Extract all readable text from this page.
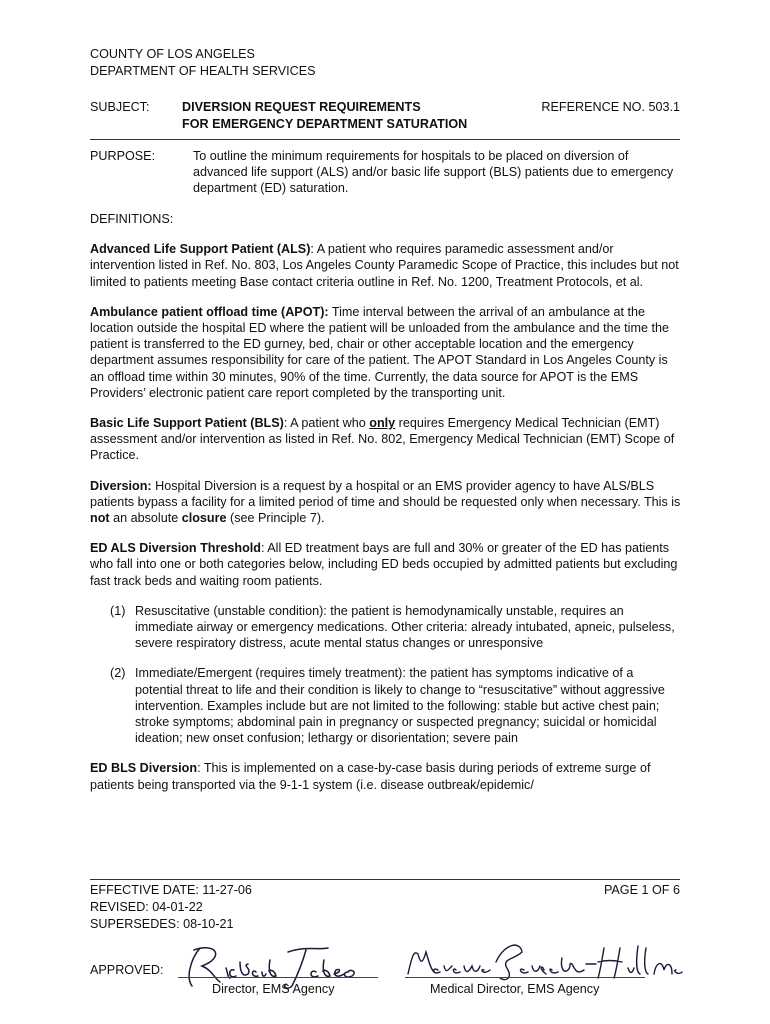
COUNTY OF LOS ANGELES
DEPARTMENT OF HEALTH SERVICES
SUBJECT:	DIVERSION REQUEST REQUIREMENTS
FOR EMERGENCY DEPARTMENT SATURATION
REFERENCE NO. 503.1
PURPOSE:	To outline the minimum requirements for hospitals to be placed on diversion of advanced life support (ALS) and/or basic life support (BLS) patients due to emergency department (ED) saturation.

DEFINITIONS:

Advanced Life Support Patient (ALS): A patient who requires paramedic assessment and/or intervention listed in Ref. No. 803, Los Angeles County Paramedic Scope of Practice, this includes but not limited to patients meeting Base contact criteria outline in Ref. No. 1200, Treatment Protocols, et al.

Ambulance patient offload time (APOT): Time interval between the arrival of an ambulance at the location outside the hospital ED where the patient will be unloaded from the ambulance and the time the patient is transferred to the ED gurney, bed, chair or other acceptable location and the emergency department assumes responsibility for care of the patient. The APOT Standard in Los Angeles County is an offload time within 30 minutes, 90% of the time. Currently, the data source for APOT is the EMS Providers’ electronic patient care report completed by the transporting unit.

Basic Life Support Patient (BLS): A patient who only requires Emergency Medical Technician (EMT) assessment and/or intervention as listed in Ref. No. 802, Emergency Medical Technician (EMT) Scope of Practice.

Diversion: Hospital Diversion is a request by a hospital or an EMS provider agency to have ALS/BLS patients bypass a facility for a limited period of time and should be requested only when necessary. This is not an absolute closure (see Principle 7).

ED ALS Diversion Threshold: All ED treatment bays are full and 30% or greater of the ED has patients who fall into one or both categories below, including ED beds occupied by admitted patients but excluding fast track beds and waiting room patients.

(1) Resuscitative (unstable condition): the patient is hemodynamically unstable, requires an immediate airway or emergency medications. Other criteria: already intubated, apneic, pulseless, severe respiratory distress, acute mental status changes or unresponsive
(2) Immediate/Emergent (requires timely treatment): the patient has symptoms indicative of a potential threat to life and their condition is likely to change to “resuscitative” without aggressive intervention. Examples include but are not limited to the following: stable but active chest pain; stroke symptoms; abdominal pain in pregnancy or suspected pregnancy; suicidal or homicidal ideation; new onset confusion; lethargy or disorientation; severe pain

ED BLS Diversion: This is implemented on a case-by-case basis during periods of extreme surge of patients being transported via the 9-1-1 system (i.e. disease outbreak/epidemic/

EFFECTIVE DATE: 11-27-06
REVISED: 04-01-22
SUPERSEDES: 08-10-21
PAGE 1 OF 6
APPROVED:
Director, EMS Agency	Medical Director, EMS Agency
